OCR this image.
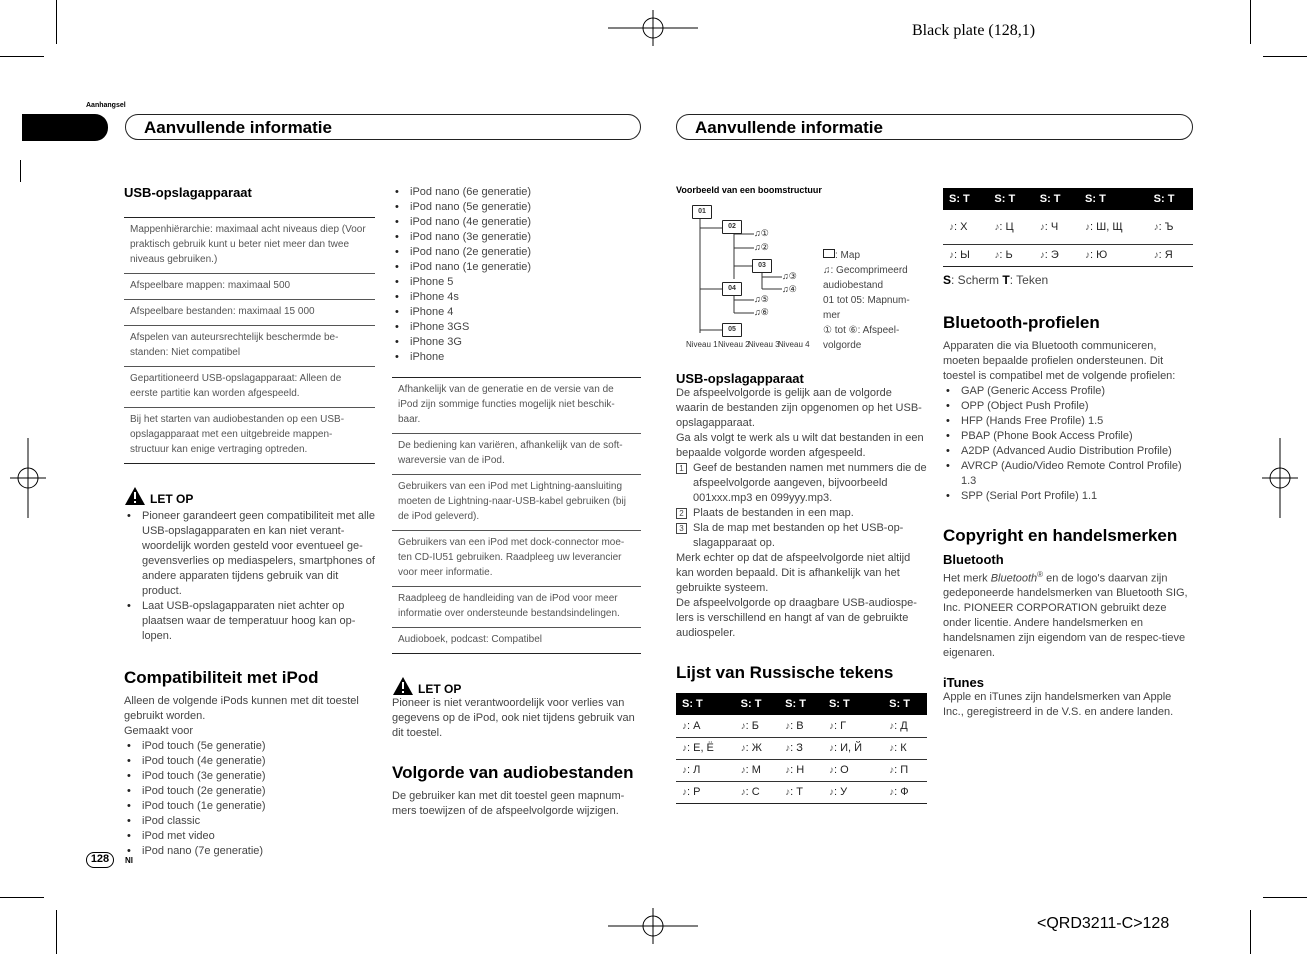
Black plate (128,1)
<QRD3211-C>128
Aanhangsel
Aanvullende informatie	Aanvullende informatie
USB-opslagapparaat
Mappenhiërarchie: maximaal acht niveaus diep (Voor praktisch gebruik kunt u beter niet meer dan twee niveaus gebruiken.)
Afspeelbare mappen: maximaal 500
Afspeelbare bestanden: maximaal 15 000
Afspelen van auteursrechtelijk beschermde be-standen: Niet compatibel
Gepartitioneerd USB-opslagapparaat: Alleen de eerste partitie kan worden afgespeeld.
Bij het starten van audiobestanden op een USB-opslagapparaat met een uitgebreide mappen-structuur kan enige vertraging optreden.
LET OP
• Pioneer garandeert geen compatibiliteit met alle USB-opslagapparaten en kan niet verant-woordelijk worden gesteld voor eventueel ge-gevensverlies op mediaspelers, smartphones of andere apparaten tijdens gebruik van dit product.
• Laat USB-opslagapparaten niet achter op plaatsen waar de temperatuur hoog kan op-lopen.
Compatibiliteit met iPod

Alleen de volgende iPods kunnen met dit toestel gebruikt worden.

Gemaakt voor

• iPod touch (5e generatie)
• iPod touch (4e generatie)
• iPod touch (3e generatie)
• iPod touch (2e generatie)
• iPod touch (1e generatie)
• iPod classic
• iPod met video
• iPod nano (7e generatie)
• iPod nano (6e generatie)
• iPod nano (5e generatie)
• iPod nano (4e generatie)
• iPod nano (3e generatie)
• iPod nano (2e generatie)
• iPod nano (1e generatie)
• iPhone 5
• iPhone 4s
• iPhone 4
• iPhone 3GS
• iPhone 3G
• iPhone
Afhankelijk van de generatie en de versie van de iPod zijn sommige functies mogelijk niet beschik-baar.
De bediening kan variëren, afhankelijk van de soft-wareversie van de iPod.
Gebruikers van een iPod met Lightning-aansluiting moeten de Lightning-naar-USB-kabel gebruiken (bij de iPod geleverd).
Gebruikers van een iPod met dock-connector moe-ten CD-IU51 gebruiken. Raadpleeg uw leverancier voor meer informatie.
Raadpleeg de handleiding van de iPod voor meer informatie over ondersteunde bestandsindelingen.
Audioboek, podcast: Compatibel
LET OP

Pioneer is niet verantwoordelijk voor verlies van gegevens op de iPod, ook niet tijdens gebruik van dit toestel.

Volgorde van audiobestanden

De gebruiker kan met dit toestel geen mapnum-mers toewijzen of de afspeelvolgorde wijzigen.

Voorbeeld van een boomstructuur
01
02
03
04
05
♫①
♫②
♫③
♫④
♫⑤
♫⑥
Niveau 1 Niveau 2
Niveau 3
Niveau 4
: Map
♫: Gecomprimeerd audiobestand
01 tot 05: Mapnum-mer
① tot ⑥: Afspeel-volgorde
USB-opslagapparaat

De afspeelvolgorde is gelijk aan de volgorde waarin de bestanden zijn opgenomen op het USB-opslagapparaat.

Ga als volgt te werk als u wilt dat bestanden in een bepaalde volgorde worden afgespeeld.

1 Geef de bestanden namen met nummers die de afspeelvolgorde aangeven, bijvoorbeeld 001xxx.mp3 en 099yyy.mp3.
2 Plaats de bestanden in een map.
3 Sla de map met bestanden op het USB-op-slagapparaat op.

Merk echter op dat de afspeelvolgorde niet altijd kan worden bepaald. Dit is afhankelijk van het gebruikte systeem.

De afspeelvolgorde op draagbare USB-audiospe-lers is verschillend en hangt af van de gebruikte audiospeler.

Lijst van Russische tekens
S: T	S: T	S: T	S: T	S: T
♪: А	♪: Б	♪: В	♪: Г	♪: Д
♪: Е, Ё	♪: Ж	♪: З	♪: И, Й	♪: К
♪: Л	♪: М	♪: Н	♪: О	♪: П
♪: Р	♪: С	♪: Т	♪: У	♪: Ф
S: T	S: T	S: T	S: T	S: T
♪: Х	♪: Ц	♪: Ч	♪: Ш, Щ	♪: Ъ
♪: Ы	♪: Ь	♪: Э	♪: Ю	♪: Я
S: Scherm T: Teken
Bluetooth-profielen

Apparaten die via Bluetooth communiceren, moeten bepaalde profielen ondersteunen. Dit toestel is compatibel met de volgende profielen:

• GAP (Generic Access Profile)
• OPP (Object Push Profile)
• HFP (Hands Free Profile) 1.5
• PBAP (Phone Book Access Profile)
• A2DP (Advanced Audio Distribution Profile)
• AVRCP (Audio/Video Remote Control Profile) 1.3
• SPP (Serial Port Profile) 1.1
Copyright en handelsmerken
Bluetooth

Het merk Bluetooth® en de logo's daarvan zijn gedeponeerde handelsmerken van Bluetooth SIG, Inc. PIONEER CORPORATION gebruikt deze onder licentie. Andere handelsmerken en handelsnamen zijn eigendom van de respec-tieve eigenaren.

iTunes

Apple en iTunes zijn handelsmerken van Apple Inc., geregistreerd in de V.S. en andere landen.

128	Nl
